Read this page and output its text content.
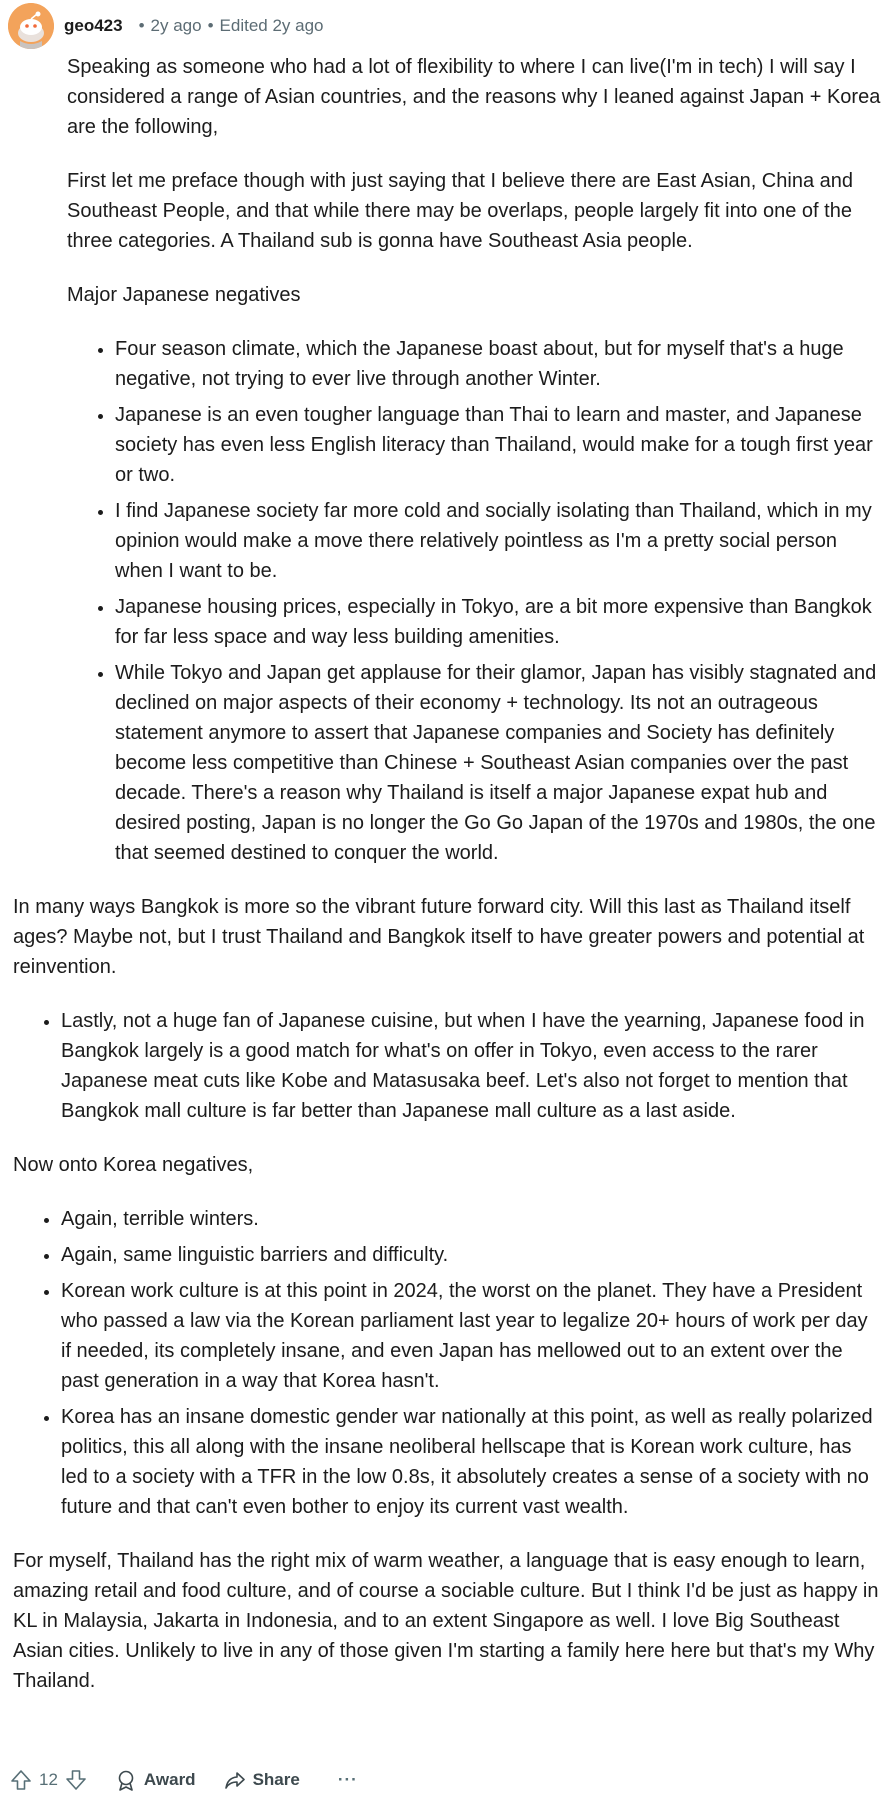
geo423 • 2y ago • Edited 2y ago

Speaking as someone who had a lot of flexibility to where I can live(I'm in tech) I will say I considered a range of Asian countries, and the reasons why I leaned against Japan + Korea are the following,

First let me preface though with just saying that I believe there are East Asian, China and Southeast People, and that while there may be overlaps, people largely fit into one of the three categories. A Thailand sub is gonna have Southeast Asia people.

Major Japanese negatives

• Four season climate, which the Japanese boast about, but for myself that's a huge negative, not trying to ever live through another Winter.
• Japanese is an even tougher language than Thai to learn and master, and Japanese society has even less English literacy than Thailand, would make for a tough first year or two.
• I find Japanese society far more cold and socially isolating than Thailand, which in my opinion would make a move there relatively pointless as I'm a pretty social person when I want to be.
• Japanese housing prices, especially in Tokyo, are a bit more expensive than Bangkok for far less space and way less building amenities.
• While Tokyo and Japan get applause for their glamor, Japan has visibly stagnated and declined on major aspects of their economy + technology. Its not an outrageous statement anymore to assert that Japanese companies and Society has definitely become less competitive than Chinese + Southeast Asian companies over the past decade. There's a reason why Thailand is itself a major Japanese expat hub and desired posting, Japan is no longer the Go Go Japan of the 1970s and 1980s, the one that seemed destined to conquer the world.

In many ways Bangkok is more so the vibrant future forward city. Will this last as Thailand itself ages? Maybe not, but I trust Thailand and Bangkok itself to have greater powers and potential at reinvention.

• Lastly, not a huge fan of Japanese cuisine, but when I have the yearning, Japanese food in Bangkok largely is a good match for what's on offer in Tokyo, even access to the rarer Japanese meat cuts like Kobe and Matasusaka beef. Let's also not forget to mention that Bangkok mall culture is far better than Japanese mall culture as a last aside.

Now onto Korea negatives,

• Again, terrible winters.
• Again, same linguistic barriers and difficulty.
• Korean work culture is at this point in 2024, the worst on the planet. They have a President who passed a law via the Korean parliament last year to legalize 20+ hours of work per day if needed, its completely insane, and even Japan has mellowed out to an extent over the past generation in a way that Korea hasn't.
• Korea has an insane domestic gender war nationally at this point, as well as really polarized politics, this all along with the insane neoliberal hellscape that is Korean work culture, has led to a society with a TFR in the low 0.8s, it absolutely creates a sense of a society with no future and that can't even bother to enjoy its current vast wealth.

For myself, Thailand has the right mix of warm weather, a language that is easy enough to learn, amazing retail and food culture, and of course a sociable culture. But I think I'd be just as happy in KL in Malaysia, Jakarta in Indonesia, and to an extent Singapore as well. I love Big Southeast Asian cities. Unlikely to live in any of those given I'm starting a family here here but that's my Why Thailand.

12	Award	Share ···
